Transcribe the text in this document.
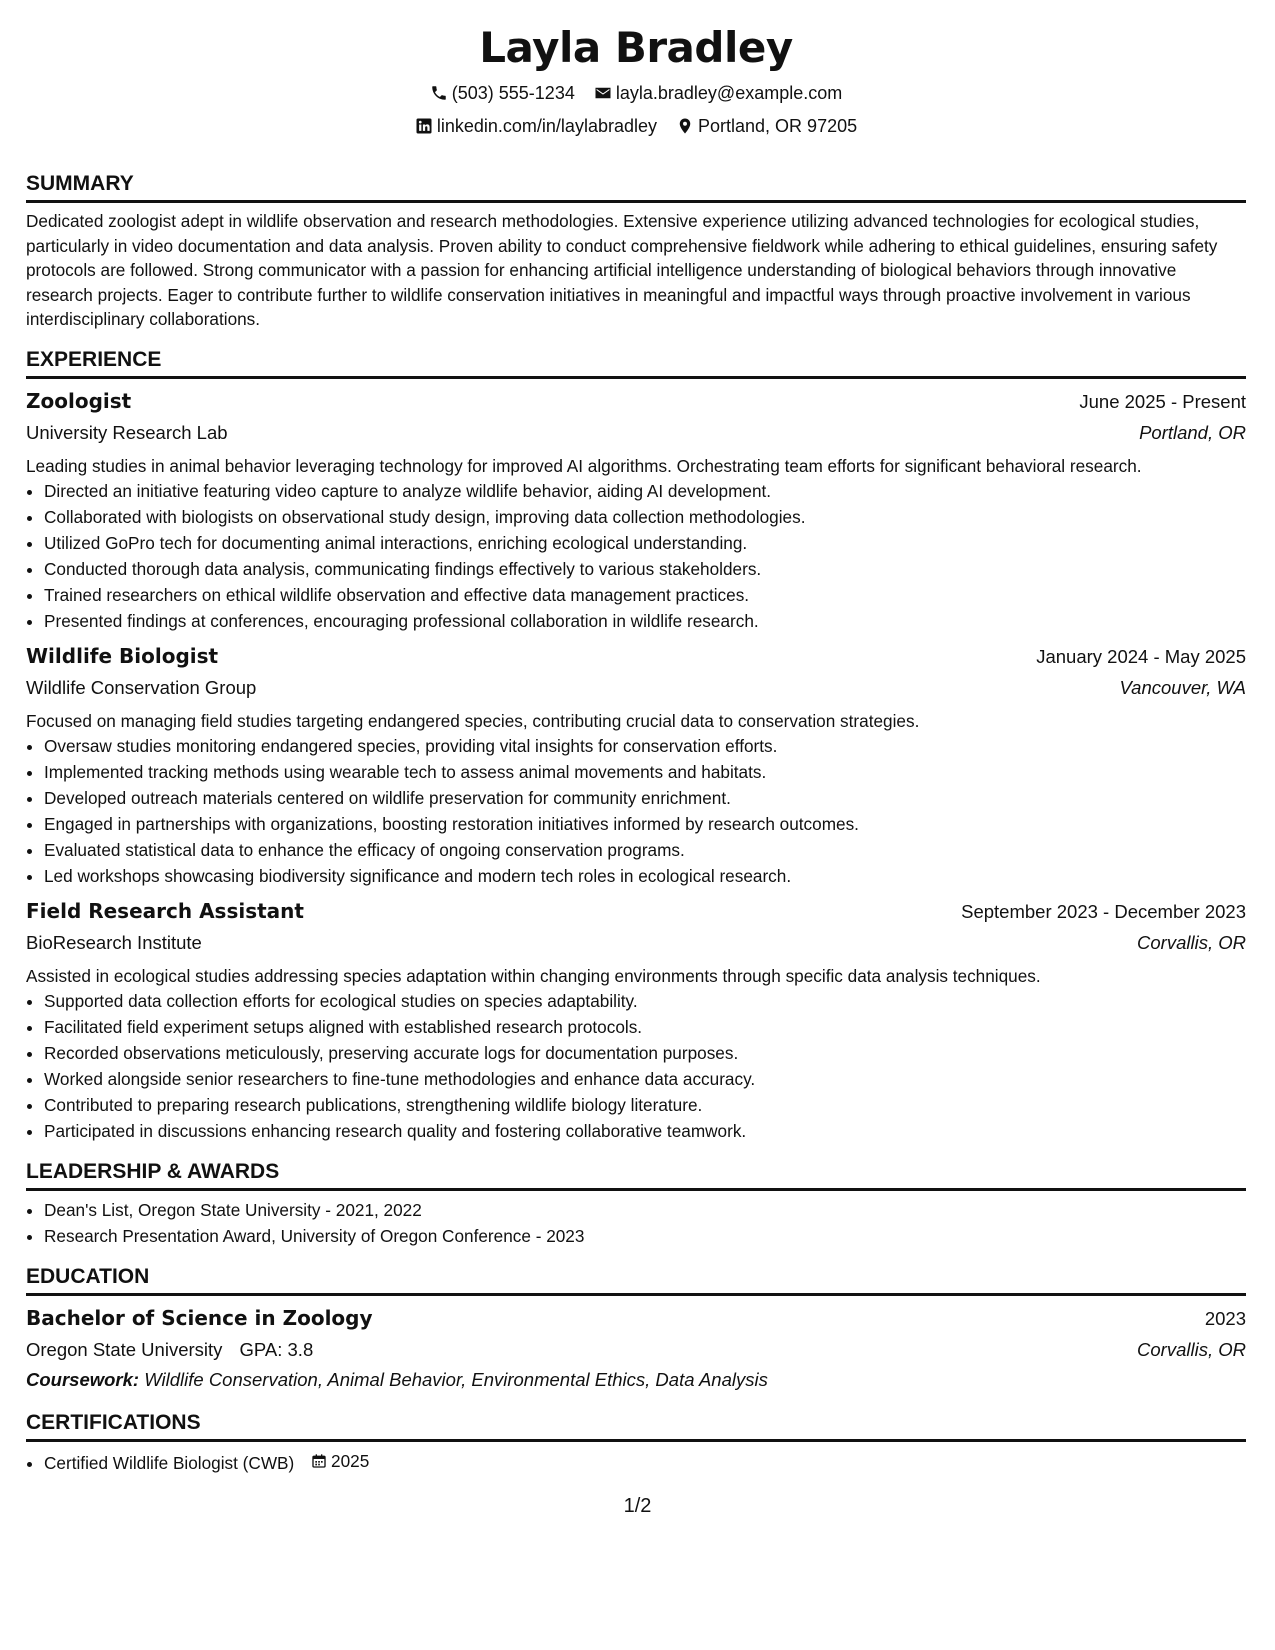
Layla Bradley
(503) 555-1234
layla.bradley@example.com
linkedin.com/in/laylabradley
Portland, OR 97205
SUMMARY

Dedicated zoologist adept in wildlife observation and research methodologies. Extensive experience utilizing advanced technologies for ecological studies, particularly in video documentation and data analysis. Proven ability to conduct comprehensive fieldwork while adhering to ethical guidelines, ensuring safety protocols are followed. Strong communicator with a passion for enhancing artificial intelligence understanding of biological behaviors through innovative research projects. Eager to contribute further to wildlife conservation initiatives in meaningful and impactful ways through proactive involvement in various interdisciplinary collaborations.

EXPERIENCE
Zoologist	June 2025 - Present
University Research Lab	Portland, OR

Leading studies in animal behavior leveraging technology for improved AI algorithms. Orchestrating team efforts for significant behavioral research.

• Directed an initiative featuring video capture to analyze wildlife behavior, aiding AI development.
• Collaborated with biologists on observational study design, improving data collection methodologies.
• Utilized GoPro tech for documenting animal interactions, enriching ecological understanding.
• Conducted thorough data analysis, communicating findings effectively to various stakeholders.
• Trained researchers on ethical wildlife observation and effective data management practices.
• Presented findings at conferences, encouraging professional collaboration in wildlife research.
Wildlife Biologist	January 2024 - May 2025
Wildlife Conservation Group	Vancouver, WA

Focused on managing field studies targeting endangered species, contributing crucial data to conservation strategies.

• Oversaw studies monitoring endangered species, providing vital insights for conservation efforts.
• Implemented tracking methods using wearable tech to assess animal movements and habitats.
• Developed outreach materials centered on wildlife preservation for community enrichment.
• Engaged in partnerships with organizations, boosting restoration initiatives informed by research outcomes.
• Evaluated statistical data to enhance the efficacy of ongoing conservation programs.
• Led workshops showcasing biodiversity significance and modern tech roles in ecological research.
Field Research Assistant	September 2023 - December 2023
BioResearch Institute	Corvallis, OR

Assisted in ecological studies addressing species adaptation within changing environments through specific data analysis techniques.

• Supported data collection efforts for ecological studies on species adaptability.
• Facilitated field experiment setups aligned with established research protocols.
• Recorded observations meticulously, preserving accurate logs for documentation purposes.
• Worked alongside senior researchers to fine-tune methodologies and enhance data accuracy.
• Contributed to preparing research publications, strengthening wildlife biology literature.
• Participated in discussions enhancing research quality and fostering collaborative teamwork.
LEADERSHIP & AWARDS
• Dean's List, Oregon State University - 2021, 2022
• Research Presentation Award, University of Oregon Conference - 2023
EDUCATION
Bachelor of Science in Zoology	2023
Oregon State University GPA: 3.8	Corvallis, OR
Coursework: Wildlife Conservation, Animal Behavior, Environmental Ethics, Data Analysis
CERTIFICATIONS
• Certified Wildlife Biologist (CWB) 2025
1/2
